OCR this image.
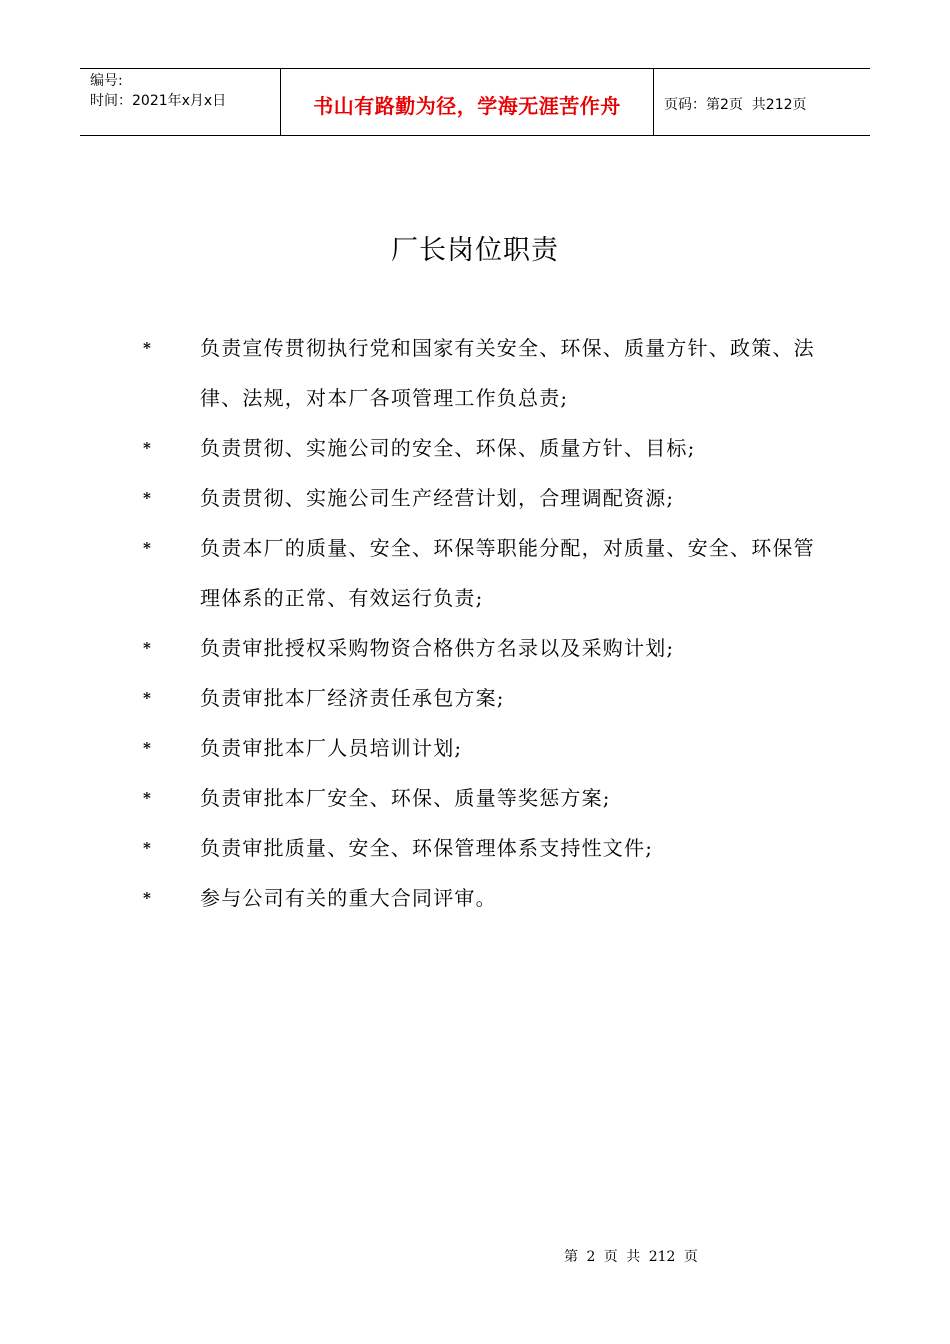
编号:
时间：2021年x月x日	书山有路勤为径，学海无涯苦作舟	页码：第2页  共212页
厂长岗位职责
* 负责宣传贯彻执行党和国家有关安全、环保、质量方针、政策、法律、法规，对本厂各项管理工作负总责;
* 负责贯彻、实施公司的安全、环保、质量方针、目标;
* 负责贯彻、实施公司生产经营计划，合理调配资源;
* 负责本厂的质量、安全、环保等职能分配，对质量、安全、环保管理体系的正常、有效运行负责;
* 负责审批授权采购物资合格供方名录以及采购计划;
* 负责审批本厂经济责任承包方案;
* 负责审批本厂人员培训计划;
* 负责审批本厂安全、环保、质量等奖惩方案;
* 负责审批质量、安全、环保管理体系支持性文件;
* 参与公司有关的重大合同评审。
第 2 页 共 212 页
